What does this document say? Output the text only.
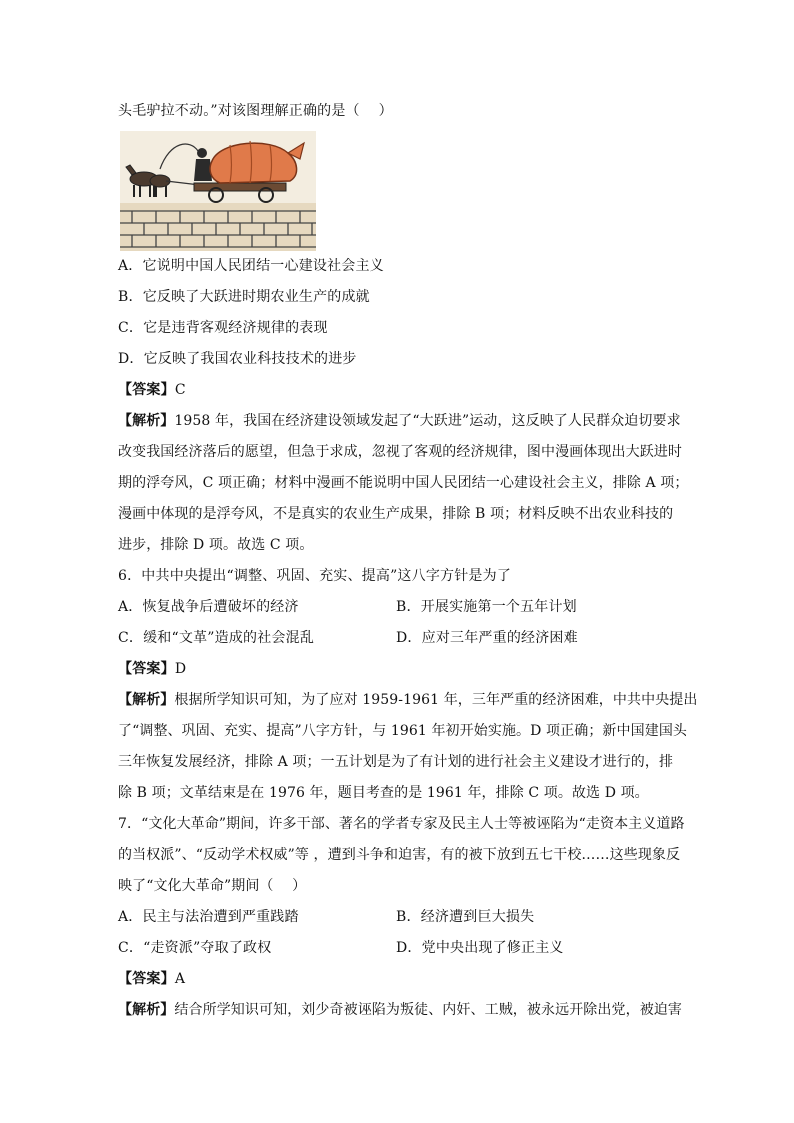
头毛驴拉不动。”对该图理解正确的是（　 ）
A．它说明中国人民团结一心建设社会主义
B．它反映了大跃进时期农业生产的成就
C．它是违背客观经济规律的表现
D．它反映了我国农业科技技术的进步
【答案】C
【解析】1958 年，我国在经济建设领域发起了“大跃进”运动，这反映了人民群众迫切要求
改变我国经济落后的愿望，但急于求成，忽视了客观的经济规律，图中漫画体现出大跃进时
期的浮夸风，C 项正确；材料中漫画不能说明中国人民团结一心建设社会主义，排除 A 项；
漫画中体现的是浮夸风，不是真实的农业生产成果，排除 B 项；材料反映不出农业科技的
进步，排除 D 项。故选 C 项。
6．中共中央提出“调整、巩固、充实、提高”这八字方针是为了
A．恢复战争后遭破坏的经济	B．开展实施第一个五年计划
C．缓和“文革”造成的社会混乱	D．应对三年严重的经济困难
【答案】D
【解析】根据所学知识可知，为了应对 1959-1961 年，三年严重的经济困难，中共中央提出
了“调整、巩固、充实、提高”八字方针，与 1961 年初开始实施。D 项正确；新中国建国头
三年恢复发展经济，排除 A 项；一五计划是为了有计划的进行社会主义建设才进行的，排
除 B 项；文革结束是在 1976 年，题目考查的是 1961 年，排除 C 项。故选 D 项。
7．“文化大革命”期间，许多干部、著名的学者专家及民主人士等被诬陷为“走资本主义道路
的当权派”、“反动学术权威”等 ，遭到斗争和迫害，有的被下放到五七干校……这些现象反
映了“文化大革命”期间（　 ）
A．民主与法治遭到严重践踏	B．经济遭到巨大损失
C．“走资派”夺取了政权	D．党中央出现了修正主义
【答案】A
【解析】结合所学知识可知，刘少奇被诬陷为叛徒、内奸、工贼，被永远开除出党，被迫害
